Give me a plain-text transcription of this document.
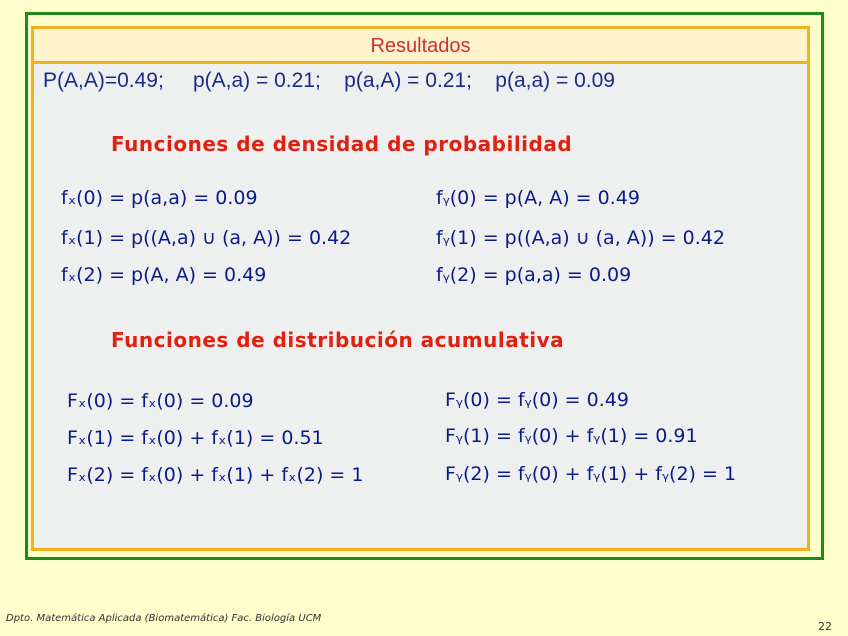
Resultados
P(A,A)=0.49;     p(A,a) = 0.21;    p(a,A) = 0.21;    p(a,a) = 0.09
Funciones de densidad de probabilidad
fₓ(0) = p(a,a) = 0.09
fₓ(1) = p((A,a) ∪ (a, A)) = 0.42
fₓ(2) = p(A, A) = 0.49
fᵧ(0) = p(A, A) = 0.49
fᵧ(1) = p((A,a) ∪ (a, A)) = 0.42
fᵧ(2) = p(a,a) = 0.09
Funciones de distribución acumulativa
Fₓ(0) = fₓ(0) = 0.09
Fₓ(1) = fₓ(0) + fₓ(1) = 0.51
Fₓ(2) = fₓ(0) + fₓ(1) + fₓ(2) = 1
Fᵧ(0) = fᵧ(0) = 0.49
Fᵧ(1) = fᵧ(0) + fᵧ(1) = 0.91
Fᵧ(2) = fᵧ(0) + fᵧ(1) + fᵧ(2) = 1
Dpto. Matemática Aplicada (Biomatemática) Fac. Biología UCM
22
